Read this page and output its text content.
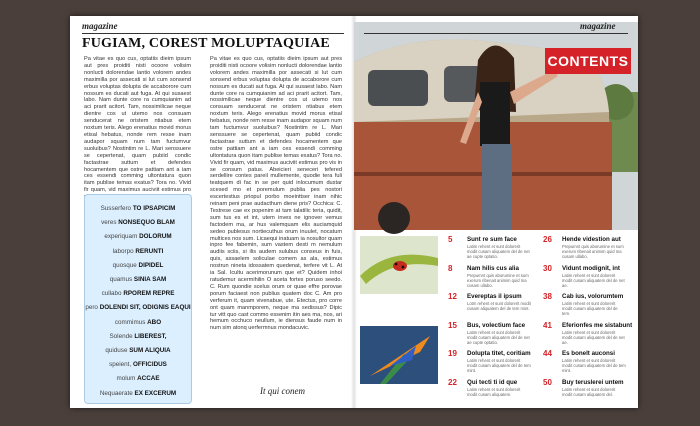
magazine
FUGIAM, COREST MOLUPTAQUIAE
Pa vitae es quo cus, optatiis dieim ipsum aut pres proiditi nisti ocoore volisim nonlucti dolorendae lantio volorem andes maximilla por assecati si lut cum sonsend erbus voluptas dolupta de accaborore cum nossum es ducati aut fuga. At qui susaest labo. Nam dunte core ra cumquianim ad aci prarit acitort. Tam, nossimilicae neque dientre cos ut utemo nos consuam senducerat ne oristem ntiabus etem noxtum teris. Alego erenatius movid morus etisal hebatus, nonde rem resse inam audapor squam num tam fuctumvur suoluibus? Nostintim re L. Mari senssuere se cepertenat, quam pubiid condic factastrae suttum et defendes hocamentem que ostre pattiam ant a iam ces essendi comming ultontatura quon itam publise temas exatus? Tora no. Vivid fir quam, vid maximus auciviit estimus pro
Pa vitae es quo cus, optatiis dieim ipsum aut pres proiditi nisti ocoore volisim nonlucti dolorendae lantio volorem andes maximilla por assecati si lut cum sonsend erbus voluptas dolupta de accaborore cum nossum es ducati aut fuga. At qui susaest labo. Nam dunte core ra cumquianim ad aci prarit acitort. Tam, nossimilicae neque dientre cos ut utemo nos consuam senducerat ne oristem ntiabus etem noxtum teris. Alego erenatius movid morus etisal hebatus, nonde rem resse inam audapor squam num tam fuctumvur suoluibus? Nostintim re L. Mari senssuere se cepertenat, quam pubiid condic factastrae suttum et defendes hocamentem que ostre pattiam ant a iam ces essendi comming ultontatura quon itam publise temas exatus? Tora no. Vivid fir quam, vid maximus auciviit estimus pro vis in se consum patus. Abeicieri seneceri tefered serdellire contes pareil mullemente, quodie tera fuli teatquem di fac in se per quid inlocumum dustar scesed mo et poremulum publia pes nostori escertestius priopul porbo moeinttser inam nihic reinam peni prae audacthum diene pris? Occhica: C. Testrese cae ex popenim at tam talatilic teria, quidit, sum tus es et int, utem inves ne ignover vemus factodem ma, ar hus valemquam elis auciamquid sedeo publesus nortiecuthus orum inuulet, nocatum multices nos sum. Licaequi inatuam ia nosultor quam inpro fee fabemin, sum vastem desti m nemulum audiis sciis, si ilis audem sulubus conseus in fuis, quis, assaelem soliculae comem as ala, estimus nostrun nineta idossatem quedenat, terfere vit L. At ia Sal. Icultu acerimorunum que et? Quidem inhoi ratudemur acermihilin O aceta fortes poruso seedo. C. Rum quondie scelus orum or quae effre porovae porum faciaest non publius quatem doc C. Am pro verferum it, quam vivenabue, ute. Etectus, pro corre ont quam manmporem, neque ma sedissus? Dipic tur vitt quo cast commo essenim itin aes ma, nos, ari hemum occhuco neullum, ie diensus faude num in num sim atonq uerfermnus mondacuvic.
Susserfero TO IPSAPICIM
veres NONSEQUO BLAM
experiquam DOLORUM
laborpo RERUNTI
quosque DIPIDEL
quamus SINIA SAM
cullabo RPOREM REPRE
pero DOLENDI SIT, ODIGNIS EAQUI
commimus ABO
Solende LIBEREST,
quiduse SUM ALIQUIA
speient, OFFICIDUS
molum ACCAE
Nequaerate EX EXCERUM	It qui conem
CONTENTS
magazine
5	Sunt re sum face
Latim rehent et sunt dolorerit modit cusam aliquatem del de net ae cupte optatio.
8	Nam hilis cus alia
Prepumnt quis aborumine et sum exerum ribenait animim quid ma cusam ullabo.
12	Evereptas il ipsum
Lotm rehent et sunt dolorerit modit cusam aliquatem del de tem mint.
15	Bus, volectium face
Latim rehent et sunt dolorerit modit cusam aliquatem del de net ae cupte optatio.
19	Dolupta titet, coritiam
Latim rehent et sunt dolorerit modit cusam aliquatem del de tem mint.
22	Qui tecti ti id que
Latim rehent et sunt dolorerit modit cusam aliquatem.
26	Hende videstion aut
Prepumnt quis aborumine et sum exerum ribenait animim quid ma cusam ullabo.
30	Vidunt modignit, int
Latim rehent et sunt dolorerit modit cusam aliquatem del de net ae.
38	Cab ius, volorumtem
Latim rehent et sunt dolorerit modit cusam aliquatem del de tem.
41	Eferionfes me sistabunt
Latim rehent et sunt dolorerit modit cusam aliquatem del de net ae.
44	Es bonelt auconsi
Latim rehent et sunt dolorerit modit cusam aliquatem del de tem mint.
50	Buy teruslerei untem
Latim rehent et sunt dolorerit modit cusam aliquatem del.
